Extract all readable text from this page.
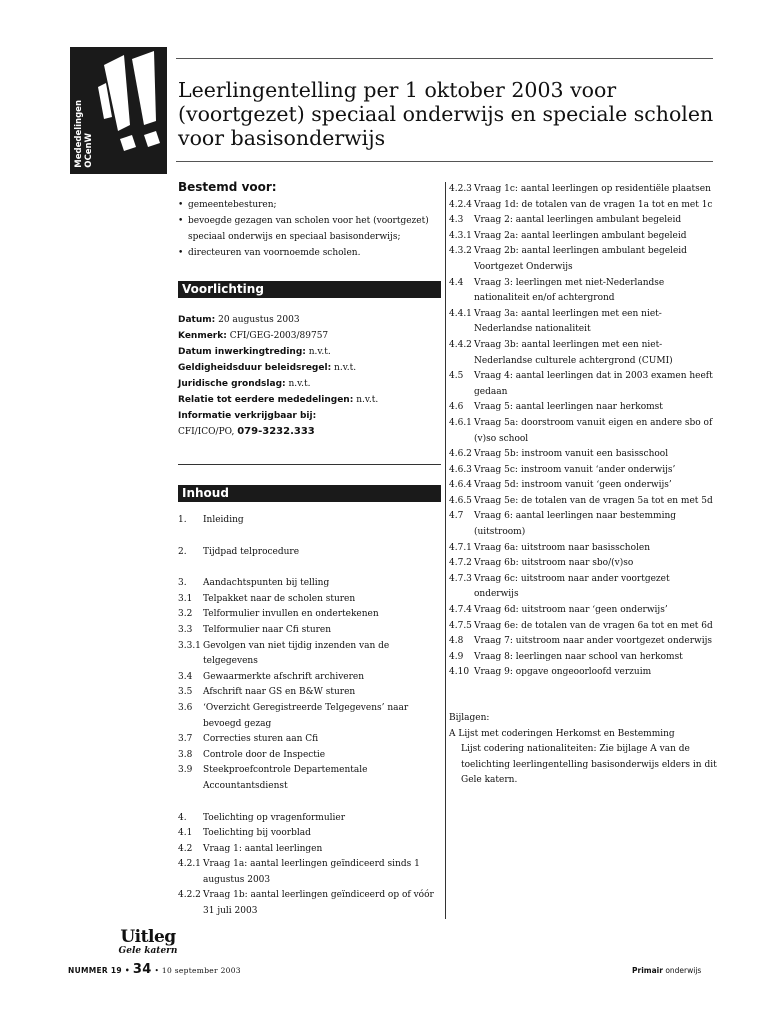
Mededelingen OCenW
Leerlingentelling per 1 oktober 2003 voor (voortgezet) speciaal onderwijs en speciale scholen voor basisonderwijs
Bestemd voor:
• gemeentebesturen;
• bevoegde gezagen van scholen voor het (voortgezet) speciaal onderwijs en speciaal basisonderwijs;
• directeuren van voornoemde scholen.
Voorlichting
Datum: 20 augustus 2003
Kenmerk: CFI/GEG-2003/89757
Datum inwerkingtreding: n.v.t.
Geldigheidsduur beleidsregel: n.v.t.
Juridische grondslag: n.v.t.
Relatie tot eerdere mededelingen: n.v.t.
Informatie verkrijgbaar bij:
CFI/ICO/PO, 079-3232.333
Inhoud
1.	Inleiding
2.	Tijdpad telprocedure
3.	Aandachtspunten bij telling
3.1	Telpakket naar de scholen sturen
3.2	Telformulier invullen en ondertekenen
3.3	Telformulier naar Cfi sturen
3.3.1 Gevolgen van niet tijdig inzenden van de telgegevens
3.4	Gewaarmerkte afschrift archiveren
3.5	Afschrift naar GS en B&W sturen
3.6	‘Overzicht Geregistreerde Telgegevens’ naar bevoegd gezag
3.7	Correcties sturen aan Cfi
3.8	Controle door de Inspectie
3.9	Steekproefcontrole Departementale Accountantsdienst
4.	Toelichting op vragenformulier
4.1	Toelichting bij voorblad
4.2	Vraag 1: aantal leerlingen
4.2.1 Vraag 1a: aantal leerlingen geïndiceerd sinds 1 augustus 2003
4.2.2 Vraag 1b: aantal leerlingen geïndiceerd op of vóór 31 juli 2003
4.2.3 Vraag 1c: aantal leerlingen op residentiële plaatsen
4.2.4 Vraag 1d: de totalen van de vragen 1a tot en met 1c
4.3	Vraag 2: aantal leerlingen ambulant begeleid
4.3.1 Vraag 2a: aantal leerlingen ambulant begeleid
4.3.2 Vraag 2b: aantal leerlingen ambulant begeleid Voortgezet Onderwijs
4.4	Vraag 3: leerlingen met niet-Nederlandse nationaliteit en/of achtergrond
4.4.1 Vraag 3a: aantal leerlingen met een niet-Nederlandse nationaliteit
4.4.2 Vraag 3b: aantal leerlingen met een niet-Nederlandse culturele achtergrond (CUMI)
4.5	Vraag 4: aantal leerlingen dat in 2003 examen heeft gedaan
4.6	Vraag 5: aantal leerlingen naar herkomst
4.6.1 Vraag 5a: doorstroom vanuit eigen en andere sbo of (v)so school
4.6.2 Vraag 5b: instroom vanuit een basisschool
4.6.3 Vraag 5c: instroom vanuit ‘ander onderwijs’
4.6.4 Vraag 5d: instroom vanuit ‘geen onderwijs’
4.6.5 Vraag 5e: de totalen van de vragen 5a tot en met 5d
4.7	Vraag 6: aantal leerlingen naar bestemming (uitstroom)
4.7.1 Vraag 6a: uitstroom naar basisscholen
4.7.2 Vraag 6b: uitstroom naar sbo/(v)so
4.7.3 Vraag 6c: uitstroom naar ander voortgezet onderwijs
4.7.4 Vraag 6d: uitstroom naar ‘geen onderwijs’
4.7.5 Vraag 6e: de totalen van de vragen 6a tot en met 6d
4.8	Vraag 7: uitstroom naar ander voortgezet onderwijs
4.9	Vraag 8: leerlingen naar school van herkomst
4.10 Vraag 9: opgave ongeoorloofd verzuim
Bijlagen:
A Lijst met coderingen Herkomst en Bestemming
Lijst codering nationaliteiten: Zie bijlage A van de toelichting leerlingentelling basisonderwijs elders in dit Gele katern.
Uitleg
Gele katern
NUMMER 19 • 34 • 10 september 2003	Primair onderwijs
